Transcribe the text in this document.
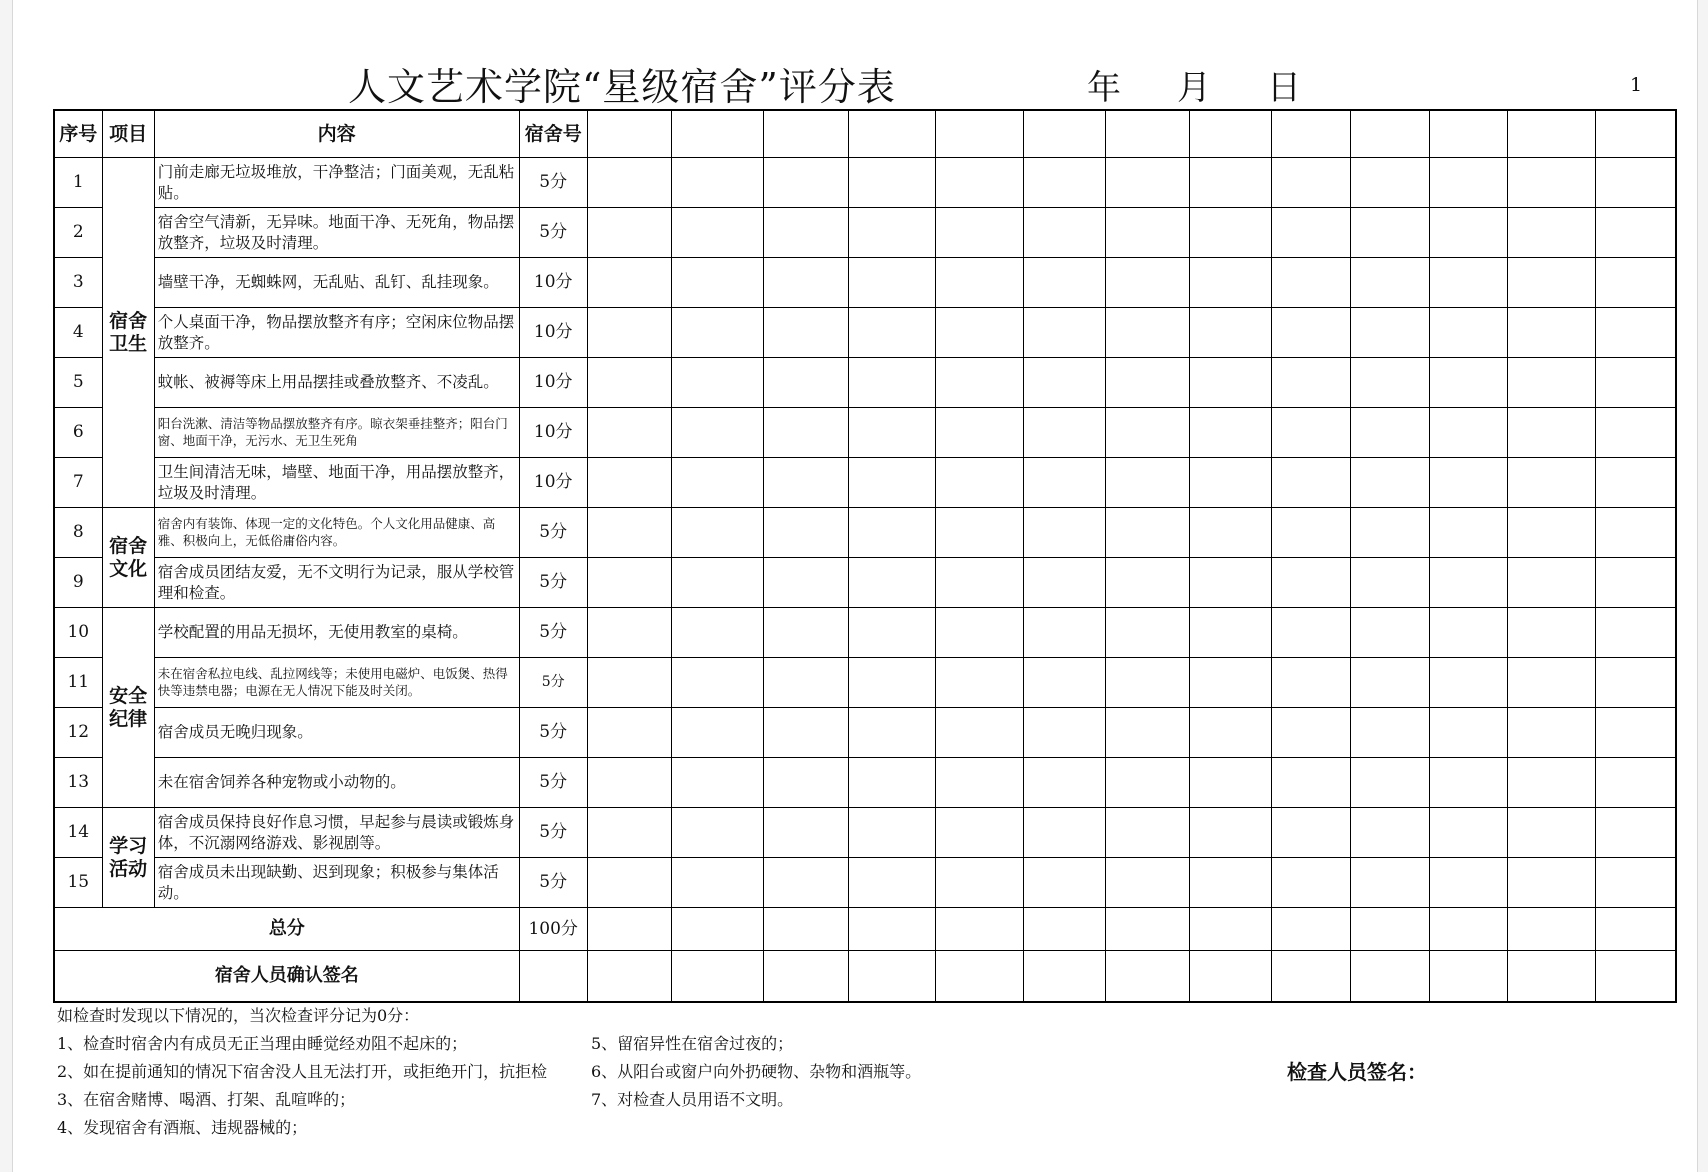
人文艺术学院“星级宿舍”评分表	年 月 日	1
序号	项目	内容	宿舍号													
1	宿舍卫生	门前走廊无垃圾堆放，干净整洁；门面美观，无乱粘贴。	5分													
2		宿舍空气清新，无异味。地面干净、无死角，物品摆放整齐，垃圾及时清理。	5分													
3		墙壁干净，无蜘蛛网，无乱贴、乱钉、乱挂现象。	10分													
4		个人桌面干净，物品摆放整齐有序；空闲床位物品摆放整齐。	10分													
5		蚊帐、被褥等床上用品摆挂或叠放整齐、不凌乱。	10分													
6		阳台洗漱、清洁等物品摆放整齐有序。晾衣架垂挂整齐；阳台门窗、地面干净，无污水、无卫生死角	10分													
7		卫生间清洁无味，墙壁、地面干净，用品摆放整齐，垃圾及时清理。	10分													
8	宿舍文化	宿舍内有装饰、体现一定的文化特色。个人文化用品健康、高雅、积极向上，无低俗庸俗内容。	5分													
9		宿舍成员团结友爱，无不文明行为记录，服从学校管理和检查。	5分													
10	安全纪律	学校配置的用品无损坏，无使用教室的桌椅。	5分													
11		未在宿舍私拉电线、乱拉网线等；未使用电磁炉、电饭煲、热得快等违禁电器；电源在无人情况下能及时关闭。	5分													
12		宿舍成员无晚归现象。	5分													
13		未在宿舍饲养各种宠物或小动物的。	5分													
14	学习活动	宿舍成员保持良好作息习惯，早起参与晨读或锻炼身体，不沉溺网络游戏、影视剧等。	5分													
15		宿舍成员未出现缺勤、迟到现象；积极参与集体活动。	5分													
总分			100分													
宿舍人员确认签名																
如检查时发现以下情况的，当次检查评分记为0分：
1、检查时宿舍内有成员无正当理由睡觉经劝阻不起床的；
2、如在提前通知的情况下宿舍没人且无法打开，或拒绝开门，抗拒检
3、在宿舍赌博、喝酒、打架、乱喧哗的；
4、发现宿舍有酒瓶、违规器械的；
5、留宿异性在宿舍过夜的；
6、从阳台或窗户向外扔硬物、杂物和酒瓶等。
7、对检查人员用语不文明。
检查人员签名：
